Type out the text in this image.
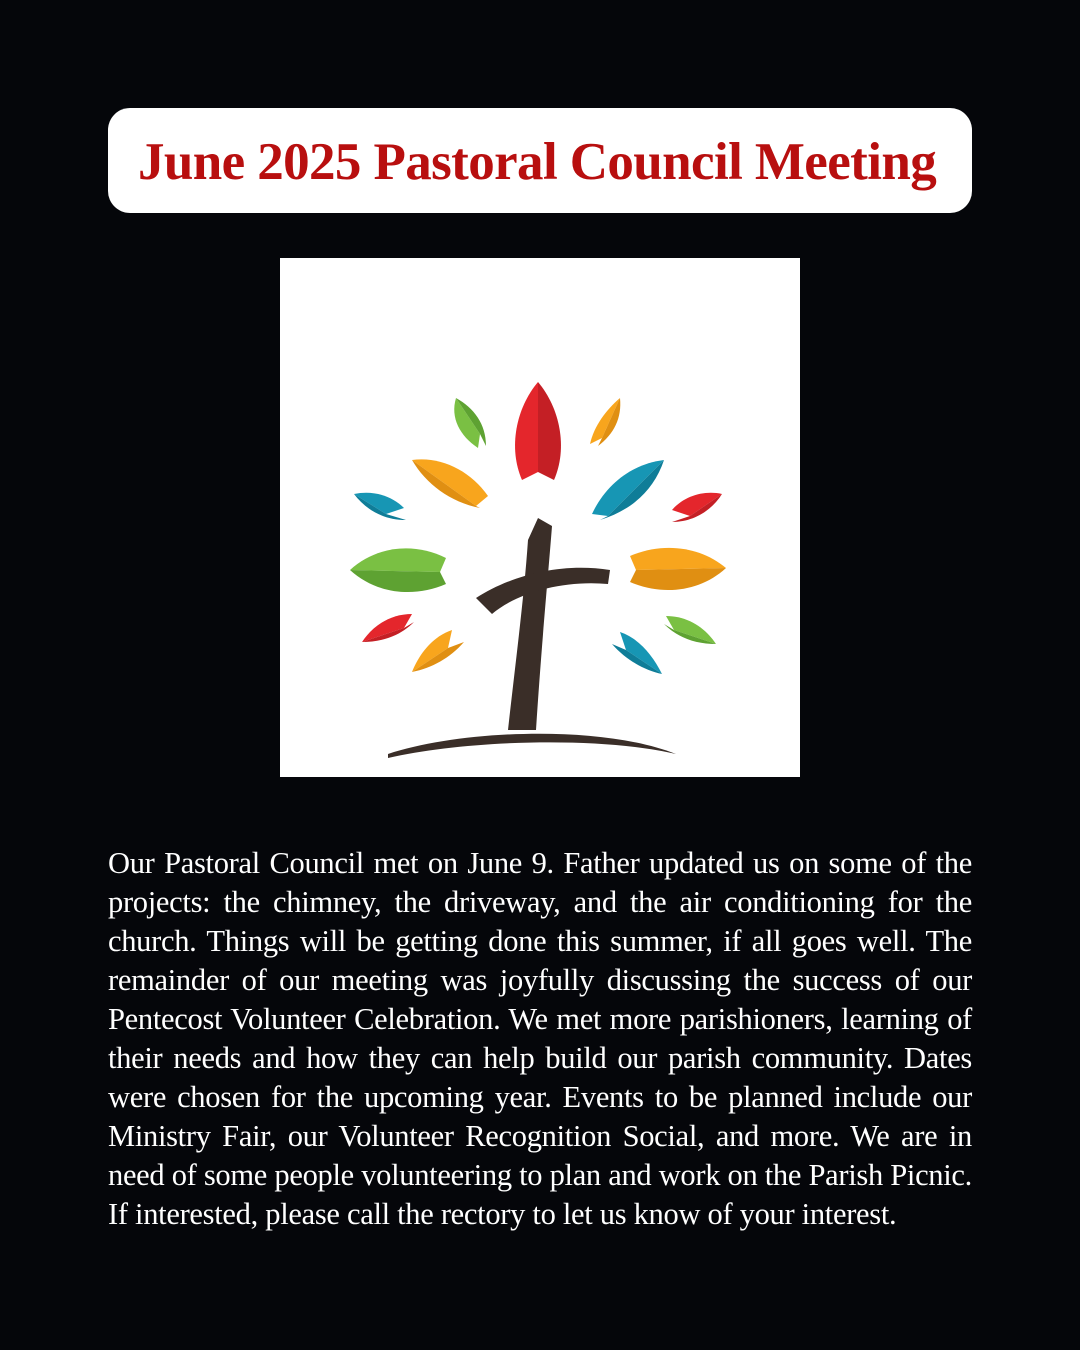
June 2025 Pastoral Council Meeting

Our Pastoral Council met on June 9. Father updated us on some of the projects: the chimney, the driveway, and the air conditioning for the church. Things will be getting done this summer, if all goes well. The remainder of our meeting was joyfully discussing the success of our Pentecost Volunteer Celebration. We met more parishioners, learning of their needs and how they can help build our parish community. Dates were chosen for the upcoming year. Events to be planned include our Ministry Fair, our Volunteer Recognition Social, and more. We are in need of some people volunteering to plan and work on the Parish Picnic. If interested, please call the rectory to let us know of your interest.
